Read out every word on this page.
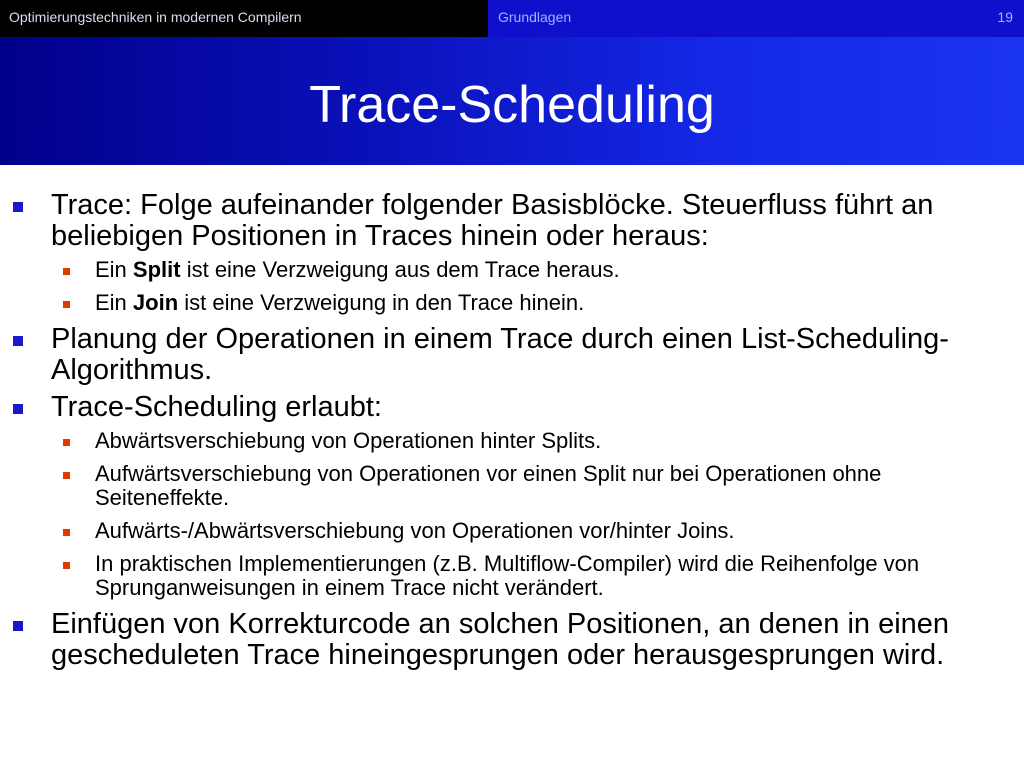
Optimierungstechniken in modernen Compilern	Grundlagen	19
Trace-Scheduling
Trace: Folge aufeinander folgender Basisblöcke. Steuerfluss führt an beliebigen Positionen in Traces hinein oder heraus:
Ein Split ist eine Verzweigung aus dem Trace heraus.
Ein Join ist eine Verzweigung in den Trace hinein.
Planung der Operationen in einem Trace durch einen List-Scheduling-Algorithmus.
Trace-Scheduling erlaubt:
Abwärtsverschiebung von Operationen hinter Splits.
Aufwärtsverschiebung von Operationen vor einen Split nur bei Operationen ohne Seiteneffekte.
Aufwärts-/Abwärtsverschiebung von Operationen vor/hinter Joins.
In praktischen Implementierungen (z.B. Multiflow-Compiler) wird die Reihenfolge von Sprunganweisungen in einem Trace nicht verändert.
Einfügen von Korrekturcode an solchen Positionen, an denen in einen gescheduleten Trace hineingesprungen oder herausgesprungen wird.
